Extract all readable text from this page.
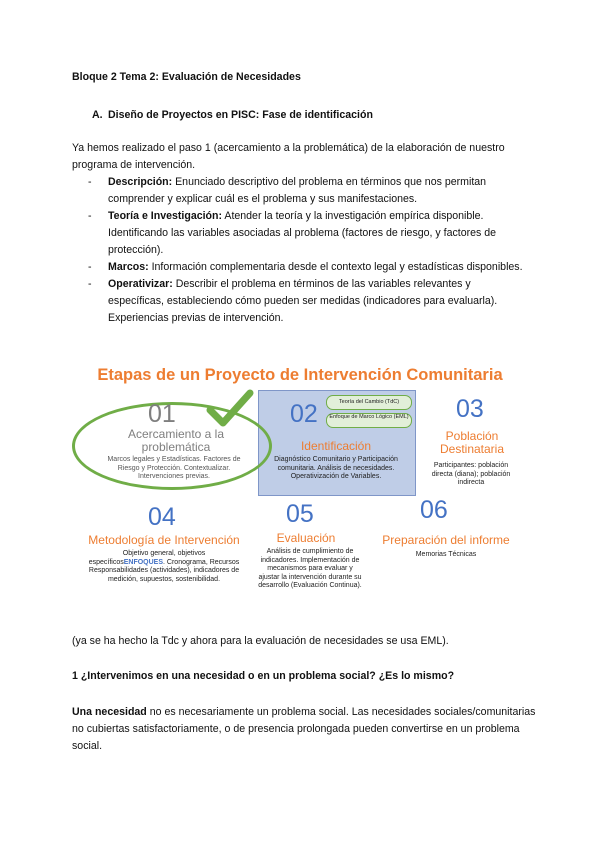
Bloque 2 Tema 2: Evaluación de Necesidades
A. Diseño de Proyectos en PISC: Fase de identificación
Ya hemos realizado el paso 1 (acercamiento a la problemática) de la elaboración de nuestro programa de intervención.
- Descripción: Enunciado descriptivo del problema en términos que nos permitan comprender y explicar cuál es el problema y sus manifestaciones.
- Teoría e Investigación: Atender la teoría y la investigación empírica disponible. Identificando las variables asociadas al problema (factores de riesgo, y factores de protección).
- Marcos: Información complementaria desde el contexto legal y estadísticas disponibles.
- Operativizar: Describir el problema en términos de las variables relevantes y específicas, estableciendo cómo pueden ser medidas (indicadores para evaluarla). Experiencias previas de intervención.
Etapas de un Proyecto de Intervención Comunitaria
01
Acercamiento a la problemática
Marcos legales y Estadísticas. Factores de Riesgo y Protección. Contextualizar. Intervenciones previas.
02	Teoría del Cambio (TdC)
Enfoque de Marco Lógico (EML)
Identificación
Diagnóstico Comunitario y Participación comunitaria. Análisis de necesidades. Operativización de Variables.
03
Población Destinataria
Participantes: población directa (diana); población indirecta
04
Metodología de Intervención
Objetivo general, objetivos específicosENFOQUES. Cronograma, Recursos Responsabilidades (actividades), indicadores de medición, supuestos, sostenibilidad.
05
Evaluación
Análisis de cumplimiento de indicadores. Implementación de mecanismos para evaluar y ajustar la intervención durante su desarrollo (Evaluación Continua).
06
Preparación del informe
Memorias Técnicas
(ya se ha hecho la Tdc y ahora para la evaluación de necesidades se usa EML).
1 ¿Intervenimos en una necesidad o en un problema social? ¿Es lo mismo?
Una necesidad no es necesariamente un problema social. Las necesidades sociales/comunitarias no cubiertas satisfactoriamente, o de presencia prolongada pueden convertirse en un problema social.
